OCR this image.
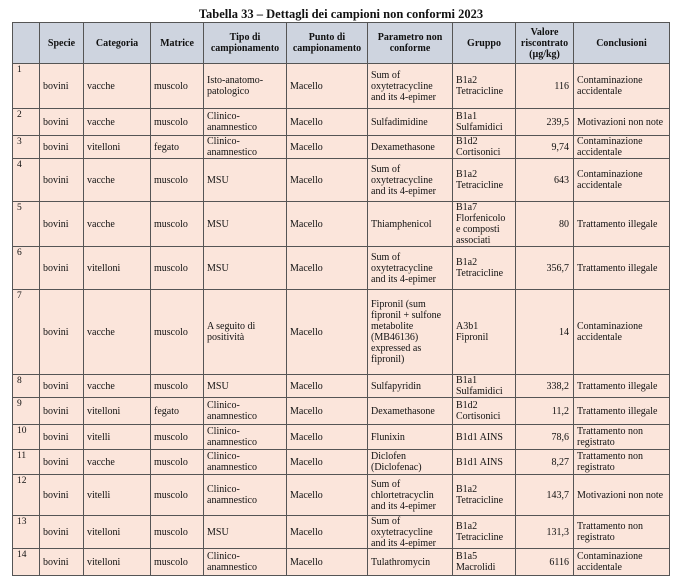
Tabella 33 – Dettagli dei campioni non conformi 2023
	Specie	Categoria	Matrice	Tipo di campionamento	Punto di campionamento	Parametro non conforme	Gruppo	Valore riscontrato (µg/kg)	Conclusioni

1	bovini	vacche	muscolo	Isto-anatomo-patologico	Macello	Sum of oxytetracycline and its 4-epimer	B1a2 Tetracicline	116	Contaminazione accidentale

2	bovini	vacche	muscolo	Clinico-anamnestico	Macello	Sulfadimidine	B1a1 Sulfamidici	239,5	Motivazioni non note

3	bovini	vitelloni	fegato	Clinico-anamnestico	Macello	Dexamethasone	B1d2 Cortisonici	9,74	Contaminazione accidentale

4	bovini	vacche	muscolo	MSU	Macello	Sum of oxytetracycline and its 4-epimer	B1a2 Tetracicline	643	Contaminazione accidentale

5	bovini	vacche	muscolo	MSU	Macello	Thiamphenicol	B1a7 Florfenicolo e composti associati	80	Trattamento illegale

6	bovini	vitelloni	muscolo	MSU	Macello	Sum of oxytetracycline and its 4-epimer	B1a2 Tetracicline	356,7	Trattamento illegale

7	bovini	vacche	muscolo	A seguito di positività	Macello	Fipronil (sum fipronil + sulfone metabolite (MB46136) expressed as fipronil)	A3b1 Fipronil	14	Contaminazione accidentale

8	bovini	vacche	muscolo	MSU	Macello	Sulfapyridin	B1a1 Sulfamidici	338,2	Trattamento illegale

9	bovini	vitelloni	fegato	Clinico-anamnestico	Macello	Dexamethasone	B1d2 Cortisonici	11,2	Trattamento illegale

10	bovini	vitelli	muscolo	Clinico-anamnestico	Macello	Flunixin	B1d1 AINS	78,6	Trattamento non registrato

11	bovini	vacche	muscolo	Clinico-anamnestico	Macello	Diclofen (Diclofenac)	B1d1 AINS	8,27	Trattamento non registrato

12	bovini	vitelli	muscolo	Clinico-anamnestico	Macello	Sum of chlortetracyclin and its 4-epimer	B1a2 Tetracicline	143,7	Motivazioni non note

13	bovini	vitelloni	muscolo	MSU	Macello	Sum of oxytetracycline and its 4-epimer	B1a2 Tetracicline	131,3	Trattamento non registrato

14	bovini	vitelloni	muscolo	Clinico-anamnestico	Macello	Tulathromycin	B1a5 Macrolidi	6116	Contaminazione accidentale
